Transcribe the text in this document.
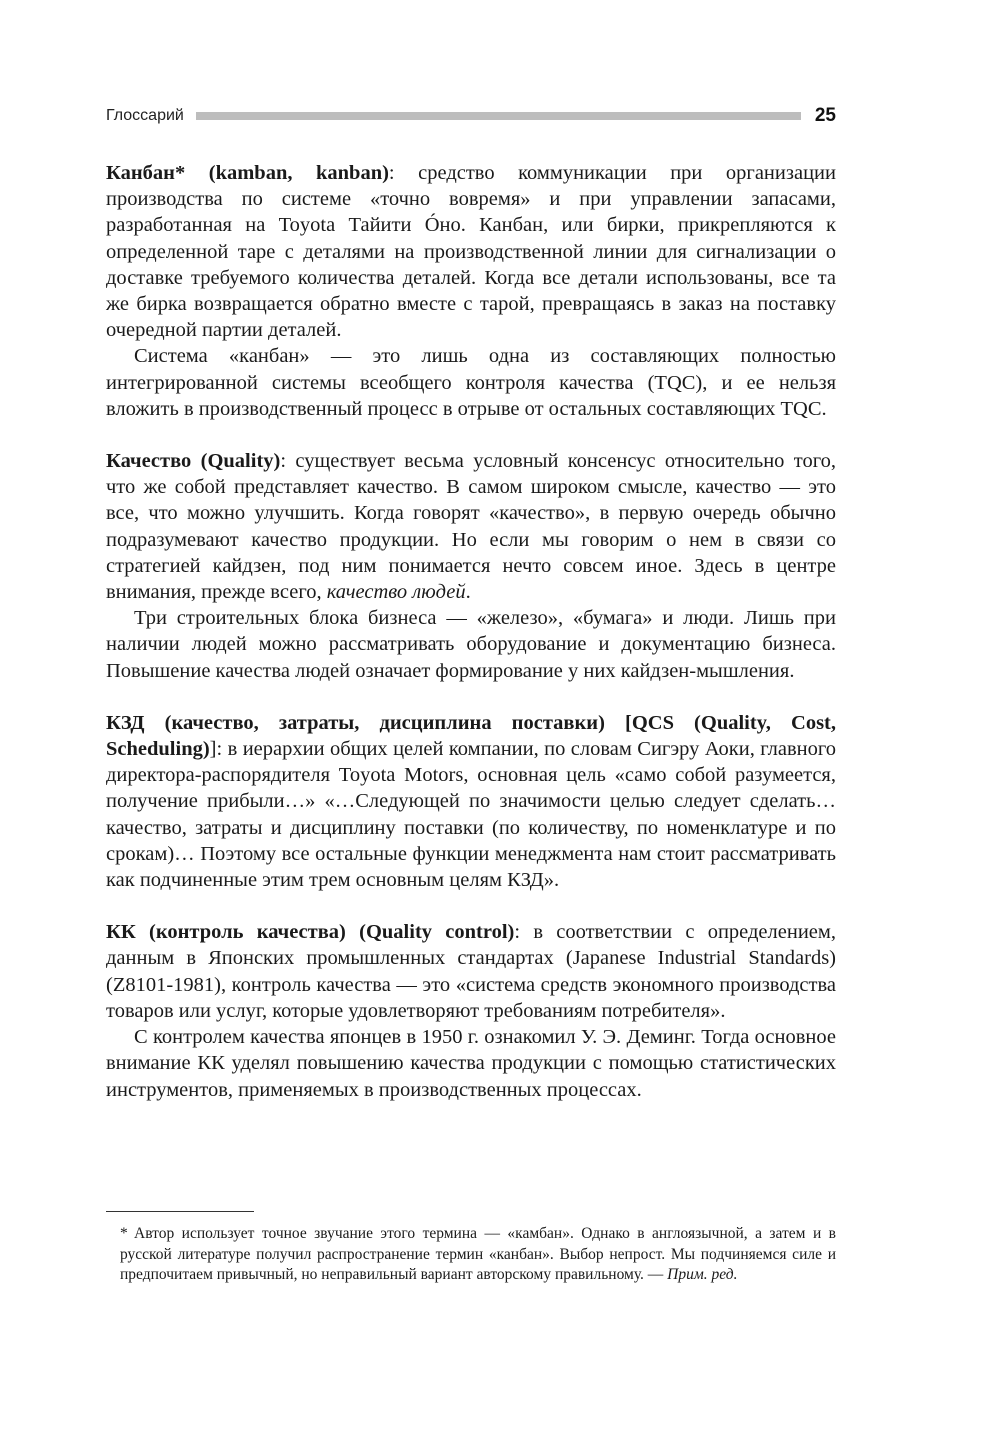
Глоссарий	25

Канбан* (kamban, kanban): средство коммуникации при организации производства по системе «точно вовремя» и при управлении запасами, разработанная на Toyota Тайити Óно. Канбан, или бирки, прикрепляются к определенной таре с деталями на производственной линии для сигнализации о доставке требуемого количества деталей. Когда все детали использованы, все та же бирка возвращается обратно вместе с тарой, превращаясь в заказ на поставку очередной партии деталей.

Система «канбан» — это лишь одна из составляющих полностью интегрированной системы всеобщего контроля качества (TQC), и ее нельзя вложить в производственный процесс в отрыве от остальных составляющих TQC.

Качество (Quality): существует весьма условный консенсус относительно того, что же собой представляет качество. В самом широком смысле, качество — это все, что можно улучшить. Когда говорят «качество», в первую очередь обычно подразумевают качество продукции. Но если мы говорим о нем в связи со стратегией кайдзен, под ним понимается нечто совсем иное. Здесь в центре внимания, прежде всего, качество людей.

Три строительных блока бизнеса — «железо», «бумага» и люди. Лишь при наличии людей можно рассматривать оборудование и документацию бизнеса. Повышение качества людей означает формирование у них кайдзен-мышления.

КЗД (качество, затраты, дисциплина поставки) [QCS (Quality, Cost, Scheduling)]: в иерархии общих целей компании, по словам Сигэру Аоки, главного директора-распорядителя Toyota Motors, основная цель «само собой разумеется, получение прибыли…» «…Следующей по значимости целью следует сделать… качество, затраты и дисциплину поставки (по количеству, по номенклатуре и по срокам)… Поэтому все остальные функции менеджмента нам стоит рассматривать как подчиненные этим трем основным целям КЗД».

КК (контроль качества) (Quality control): в соответствии с определением, данным в Японских промышленных стандартах (Japanese Industrial Standards) (Z8101-1981), контроль качества — это «система средств экономного производства товаров или услуг, которые удовлетворяют требованиям потребителя».

С контролем качества японцев в 1950 г. ознакомил У. Э. Деминг. Тогда основное внимание КК уделял повышению качества продукции с помощью статистических инструментов, применяемых в производственных процессах.

* Автор использует точное звучание этого термина — «камбан». Однако в англоязычной, а затем и в русской литературе получил распространение термин «канбан». Выбор непрост. Мы подчиняемся силе и предпочитаем привычный, но неправильный вариант авторскому правильному. — Прим. ред.
